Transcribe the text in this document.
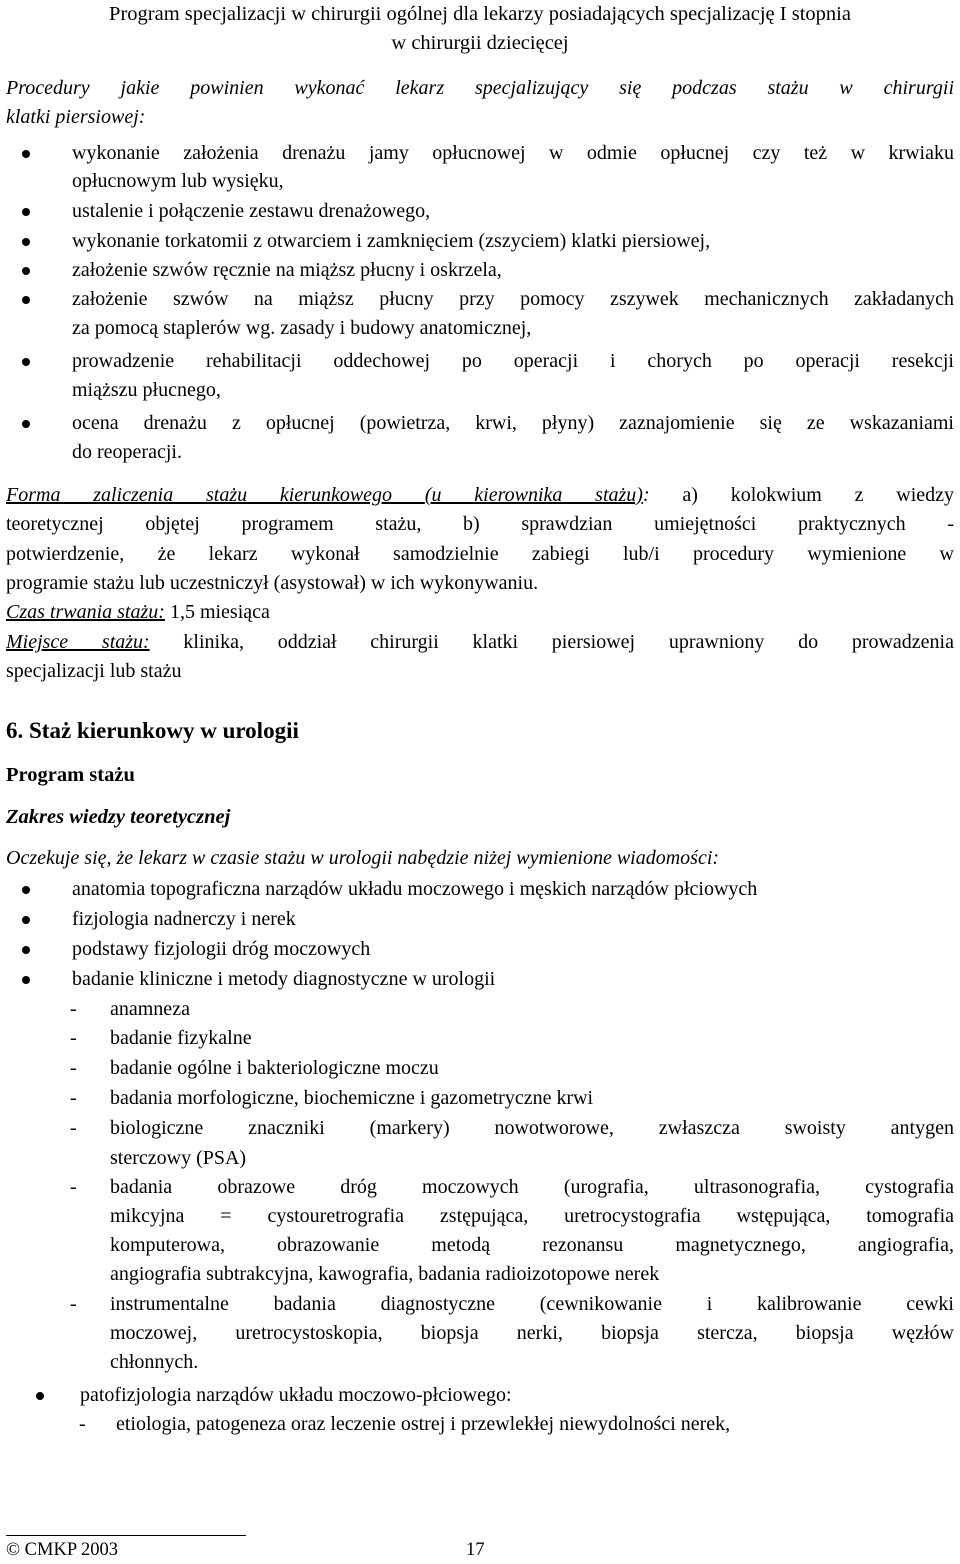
Program specjalizacji w chirurgii ogólnej dla lekarzy posiadających specjalizację I stopnia
w chirurgii dziecięcej
Procedury jakie powinien wykonać lekarz specjalizujący się podczas stażu w chirurgii
klatki piersiowej:
wykonanie założenia drenażu jamy opłucnowej w odmie opłucnej czy też w krwiaku
opłucnowym lub wysięku,
ustalenie i połączenie zestawu drenażowego,
wykonanie torkatomii z otwarciem i zamknięciem (zszyciem) klatki piersiowej,
założenie szwów ręcznie na miąższ płucny i oskrzela,
założenie szwów na miąższ płucny przy pomocy zszywek mechanicznych zakładanych
za pomocą staplerów wg. zasady i budowy anatomicznej,
prowadzenie rehabilitacji oddechowej po operacji i chorych po operacji resekcji
miąższu płucnego,
ocena drenażu z opłucnej (powietrza, krwi, płyny) zaznajomienie się ze wskazaniami
do reoperacji.
Forma zaliczenia stażu kierunkowego (u kierownika stażu): a) kolokwium z wiedzy
teoretycznej objętej programem stażu, b) sprawdzian umiejętności praktycznych -
potwierdzenie, że lekarz wykonał samodzielnie zabiegi lub/i procedury wymienione w
programie stażu lub uczestniczył (asystował) w ich wykonywaniu.
Czas trwania stażu: 1,5 miesiąca
Miejsce stażu: klinika, oddział chirurgii klatki piersiowej uprawniony do prowadzenia
specjalizacji lub stażu
6. Staż kierunkowy w urologii
Program stażu
Zakres wiedzy teoretycznej
Oczekuje się, że lekarz w czasie stażu w urologii nabędzie niżej wymienione wiadomości:
anatomia topograficzna narządów układu moczowego i męskich narządów płciowych
fizjologia nadnerczy i nerek
podstawy fizjologii dróg moczowych
badanie kliniczne i metody diagnostyczne w urologii
- anamneza
- badanie fizykalne
- badanie ogólne i bakteriologiczne moczu
- badania morfologiczne, biochemiczne i gazometryczne krwi
- biologiczne znaczniki (markery) nowotworowe, zwłaszcza swoisty antygen
sterczowy (PSA)
- badania obrazowe dróg moczowych (urografia, ultrasonografia, cystografia
mikcyjna = cystouretrografia zstępująca, uretrocystografia wstępująca, tomografia
komputerowa, obrazowanie metodą rezonansu magnetycznego, angiografia,
angiografia subtrakcyjna, kawografia, badania radioizotopowe nerek
- instrumentalne badania diagnostyczne (cewnikowanie i kalibrowanie cewki
moczowej, uretrocystoskopia, biopsja nerki, biopsja stercza, biopsja węzłów
chłonnych.
patofizjologia narządów układu moczowo-płciowego:
- etiologia, patogeneza oraz leczenie ostrej i przewlekłej niewydolności nerek,
© CMKP 2003	17
